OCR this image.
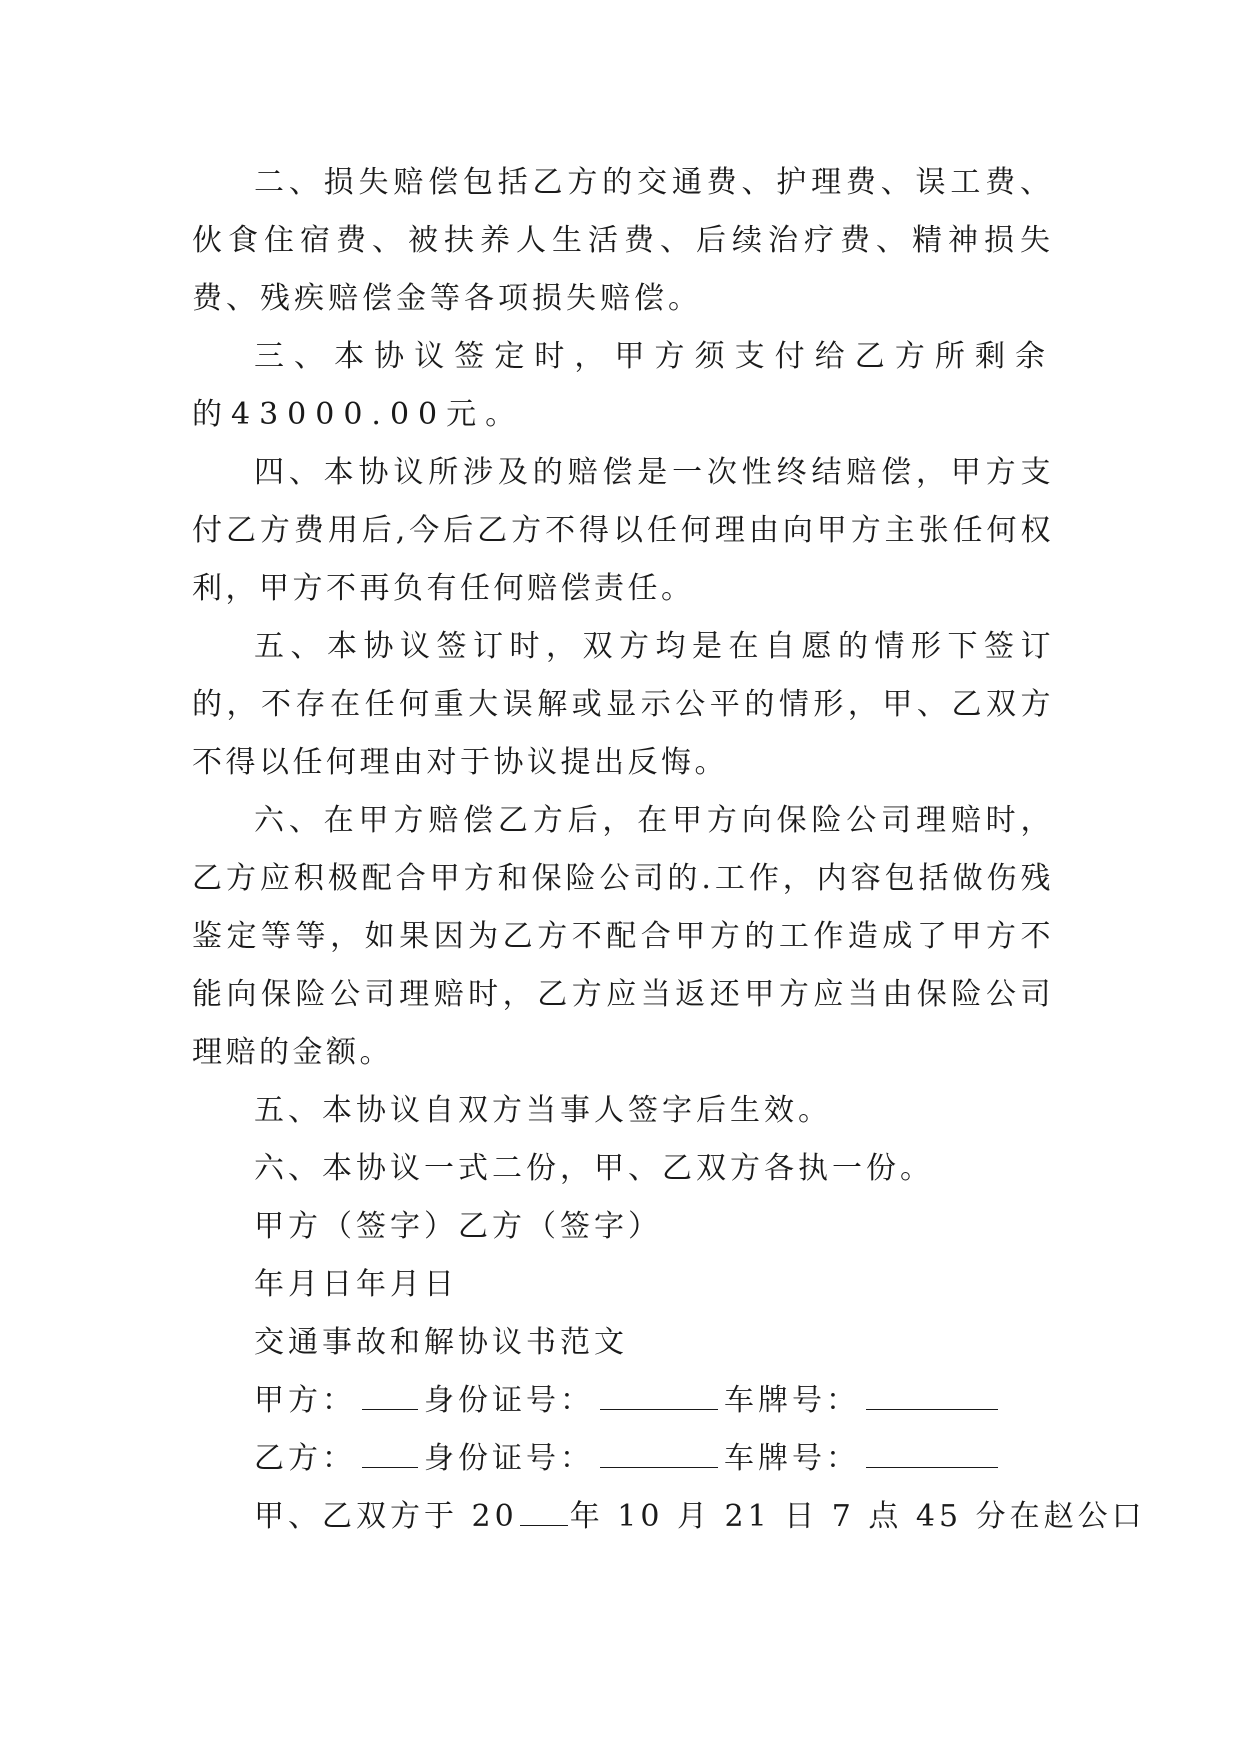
二、损失赔偿包括乙方的交通费、护理费、误工费、伙食住宿费、被扶养人生活费、后续治疗费、精神损失费、残疾赔偿金等各项损失赔偿。

三、本协议签定时，甲方须支付给乙方所剩余的43000.00元。

四、本协议所涉及的赔偿是一次性终结赔偿，甲方支付乙方费用后,今后乙方不得以任何理由向甲方主张任何权利，甲方不再负有任何赔偿责任。

五、本协议签订时，双方均是在自愿的情形下签订的，不存在任何重大误解或显示公平的情形，甲、乙双方不得以任何理由对于协议提出反悔。

六、在甲方赔偿乙方后，在甲方向保险公司理赔时，乙方应积极配合甲方和保险公司的.工作，内容包括做伤残鉴定等等，如果因为乙方不配合甲方的工作造成了甲方不能向保险公司理赔时，乙方应当返还甲方应当由保险公司理赔的金额。

五、本协议自双方当事人签字后生效。

六、本协议一式二份，甲、乙双方各执一份。

甲方（签字）乙方（签字）

年月日年月日

交通事故和解协议书范文

甲方： 身份证号：	车牌号：

乙方： 身份证号：	车牌号：

甲、乙双方于 20 年 10 月 21 日 7 点 45 分在赵公口
